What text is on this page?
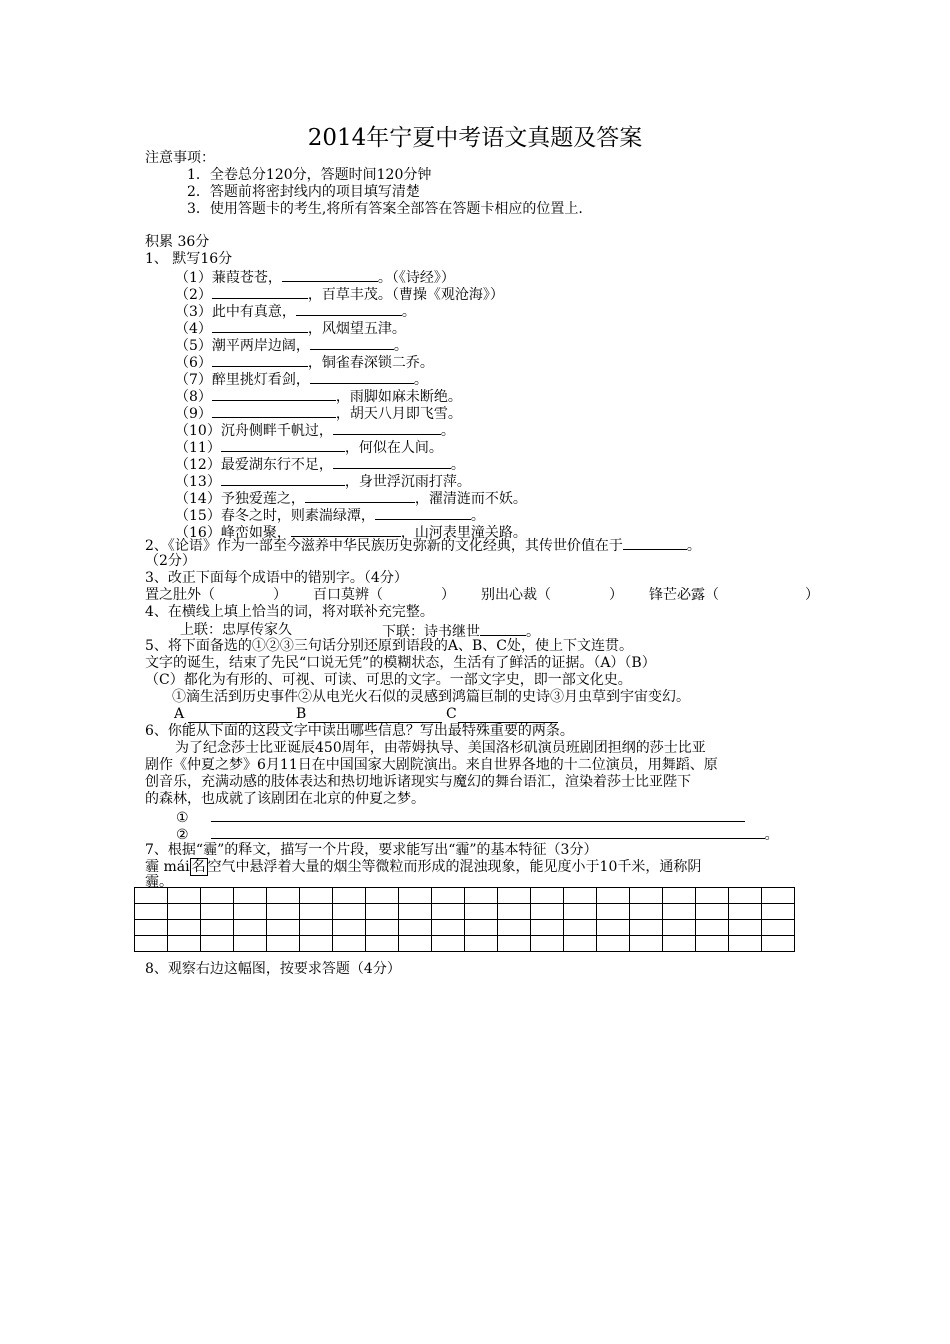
2014年宁夏中考语文真题及答案
注意事项：
1．全卷总分120分，答题时间120分钟
2．答题前将密封线内的项目填写清楚
3．使用答题卡的考生,将所有答案全部答在答题卡相应的位置上.
积累 36分
1、 默写16分
（1）蒹葭苍苍，	。（《诗经》）
（2）	，百草丰茂。（曹操《观沧海》）
（3）此中有真意，	。
（4）	，风烟望五津。
（5）潮平两岸边阔，	。
（6）	，铜雀春深锁二乔。
（7）醉里挑灯看剑，	。
（8）	，雨脚如麻未断绝。
（9）	，胡天八月即飞雪。
（10）沉舟侧畔千帆过，	。
（11）	，何似在人间。
（12）最爱湖东行不足，	。
（13）	，身世浮沉雨打萍。
（14）予独爱莲之，	，濯清涟而不妖。
（15）春冬之时，则素湍绿潭，	。
（16）峰峦如聚，	，山河表里潼关路。
2、《论语》作为一部至今滋养中华民族历史弥新的文化经典，其传世价值在于	。
（2分）
3、改正下面每个成语中的错别字。（4分）
置之肚外（	） 百口莫辨（	） 别出心裁（	） 锋芒必露（	）
4、在横线上填上恰当的词，将对联补充完整。
上联：忠厚传家久	下联：诗书继世	。
5、将下面备选的①②③三句话分别还原到语段的A、B、C处，使上下文连贯。
文字的诞生，结束了先民“口说无凭”的模糊状态，生活有了鲜活的证据。（A）（B）
（C）都化为有形的、可视、可读、可思的文字。一部文字史，即一部文化史。
①滴生活到历史事件②从电光火石似的灵感到鸿篇巨制的史诗③月虫草到宇宙变幻。
A	B	C
6、你能从下面的这段文字中读出哪些信息？写出最特殊重要的两条。
为了纪念莎士比亚诞辰450周年，由蒂姆执导、美国洛杉矶演员班剧团担纲的莎士比亚
剧作《仲夏之梦》6月11日在中国国家大剧院演出。来自世界各地的十二位演员，用舞蹈、原
创音乐，充满动感的肢体表达和热切地诉诸现实与魔幻的舞台语汇，渲染着莎士比亚陛下
的森林，也成就了该剧团在北京的仲夏之梦。
①
②	。
7、根据“霾”的释文，描写一个片段，要求能写出“霾”的基本特征（3分）
霾 mái 名 空气中悬浮着大量的烟尘等微粒而形成的混浊现象，能见度小于10千米，通称阴
霾。

8、观察右边这幅图，按要求答题（4分）
